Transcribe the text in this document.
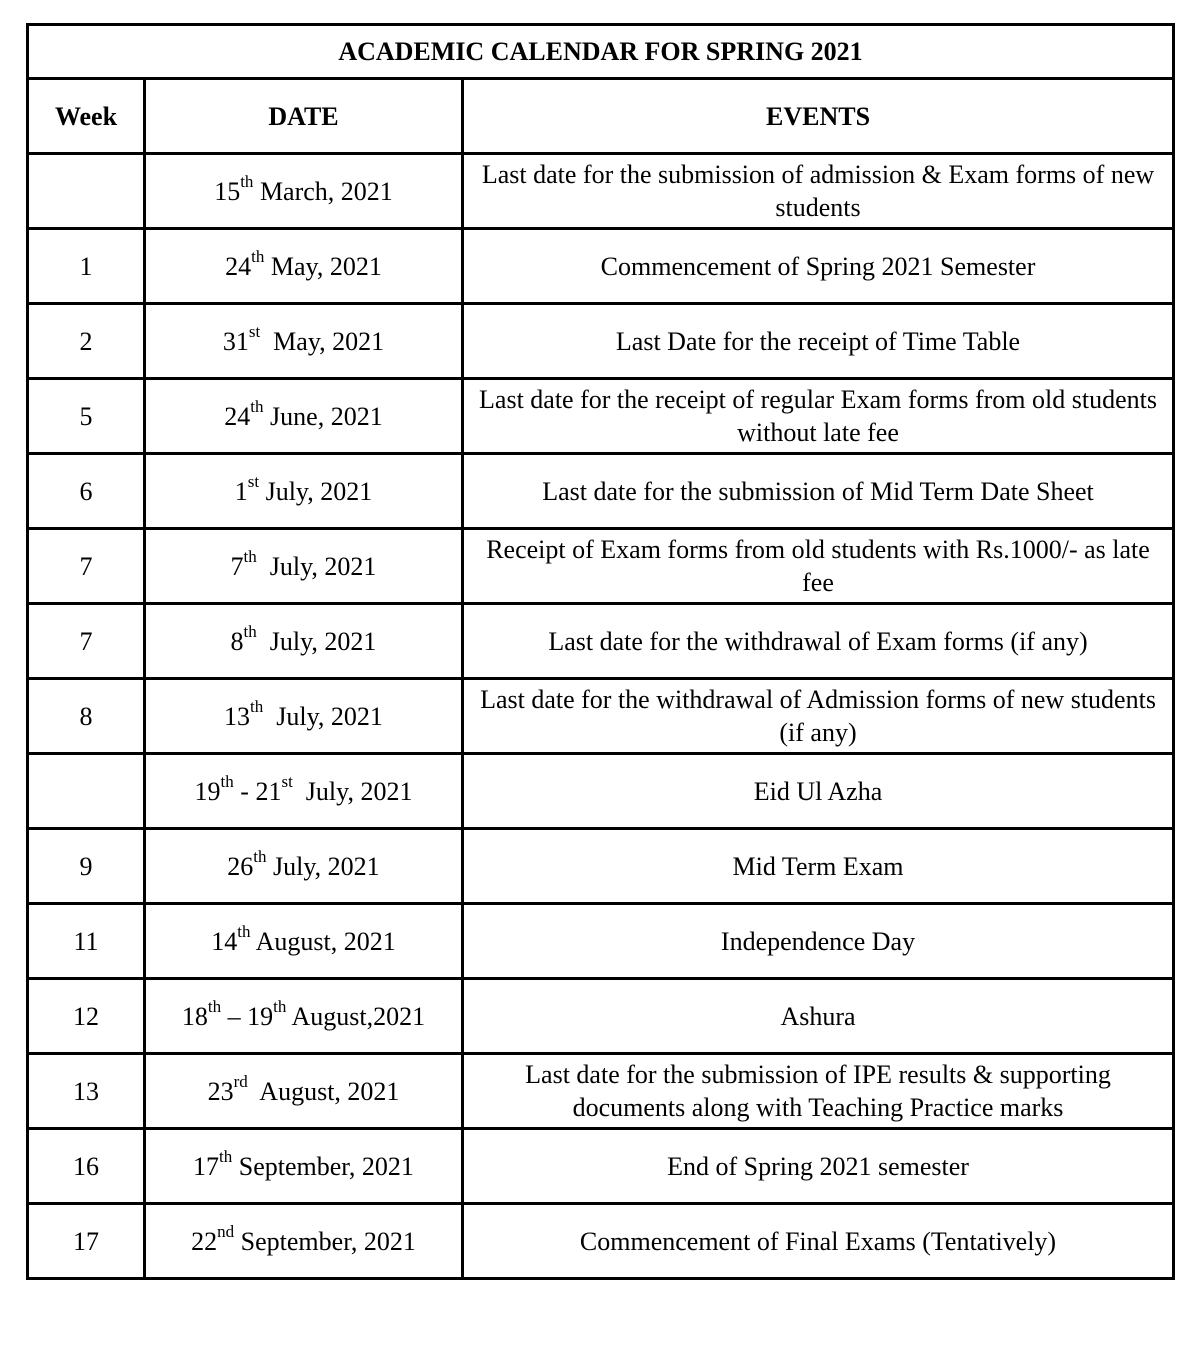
ACADEMIC CALENDAR FOR SPRING 2021		
Week	DATE	EVENTS
	15th March, 2021	Last date for the submission of admission & Exam forms of new students
1	24th May, 2021	Commencement of Spring 2021 Semester
2	31st  May, 2021	Last Date for the receipt of Time Table
5	24th June, 2021	Last date for the receipt of regular Exam forms from old students without late fee
6	1st July, 2021	Last date for the submission of Mid Term Date Sheet
7	7th  July, 2021	Receipt of Exam forms from old students with Rs.1000/- as late fee
7	8th  July, 2021	Last date for the withdrawal of Exam forms (if any)
8	13th  July, 2021	Last date for the withdrawal of Admission forms of new students (if any)
	19th - 21st  July, 2021	Eid Ul Azha
9	26th July, 2021	Mid Term Exam
11	14th August, 2021	Independence Day
12	18th – 19th August,2021	Ashura
13	23rd  August, 2021	Last date for the submission of IPE results & supporting documents along with Teaching Practice marks
16	17th September, 2021	End of Spring 2021 semester
17	22nd September, 2021	Commencement of Final Exams (Tentatively)
